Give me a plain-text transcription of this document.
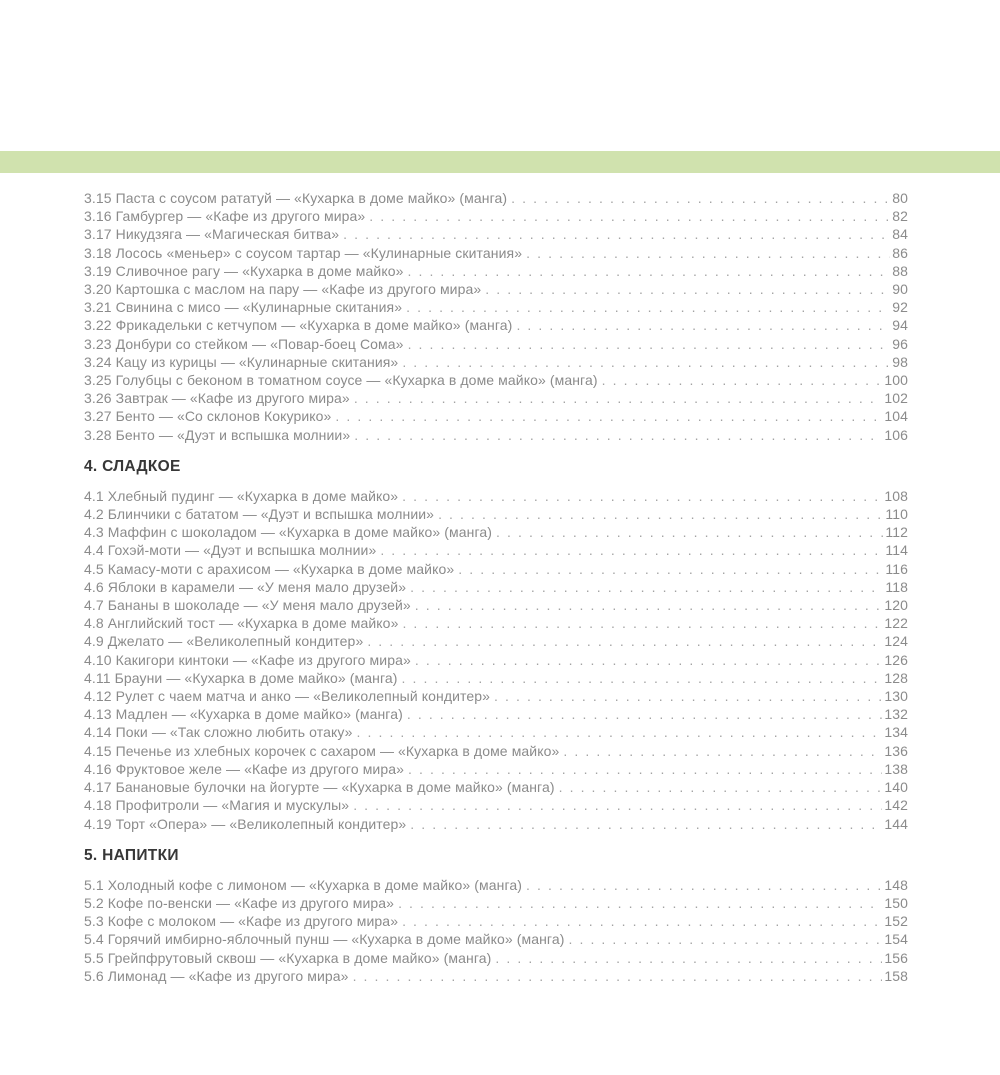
3.15 Паста с соусом рататуй — «Кухарка в доме майко» (манга) . . .	80
3.16 Гамбургер — «Кафе из другого мира» . . .	82
3.17 Никудзяга — «Магическая битва» . . .	84
3.18 Лосось «меньер» с соусом тартар — «Кулинарные скитания» . . .	86
3.19 Сливочное рагу — «Кухарка в доме майко» . . .	88
3.20 Картошка с маслом на пару — «Кафе из другого мира» . . .	90
3.21 Свинина с мисо — «Кулинарные скитания» . . .	92
3.22 Фрикадельки с кетчупом — «Кухарка в доме майко» (манга) . . .	94
3.23 Донбури со стейком — «Повар-боец Сома» . . .	96
3.24 Кацу из курицы — «Кулинарные скитания» . . .	98
3.25 Голубцы с беконом в томатном соусе — «Кухарка в доме майко» (манга) . . .	100
3.26 Завтрак — «Кафе из другого мира» . . .	102
3.27 Бенто — «Со склонов Кокурико» . . .	104
3.28 Бенто — «Дуэт и вспышка молнии» . . .	106
4. СЛАДКОЕ
4.1 Хлебный пудинг — «Кухарка в доме майко» . . .	108
4.2 Блинчики с бататом — «Дуэт и вспышка молнии» . . .	110
4.3 Маффин с шоколадом — «Кухарка в доме майко» (манга) . . .	112
4.4 Гохэй-моти — «Дуэт и вспышка молнии» . . .	114
4.5 Камасу-моти с арахисом — «Кухарка в доме майко» . . .	116
4.6 Яблоки в карамели — «У меня мало друзей» . . .	118
4.7 Бананы в шоколаде — «У меня мало друзей» . . .	120
4.8 Английский тост — «Кухарка в доме майко» . . .	122
4.9 Джелато — «Великолепный кондитер» . . .	124
4.10 Какигори кинтоки — «Кафе из другого мира» . . .	126
4.11 Брауни — «Кухарка в доме майко» (манга) . . .	128
4.12 Рулет с чаем матча и анко — «Великолепный кондитер» . . .	130
4.13 Мадлен — «Кухарка в доме майко» (манга) . . .	132
4.14 Поки — «Так сложно любить отаку» . . .	134
4.15 Печенье из хлебных корочек с сахаром — «Кухарка в доме майко» . . .	136
4.16 Фруктовое желе — «Кафе из другого мира» . . .	138
4.17 Банановые булочки на йогурте — «Кухарка в доме майко» (манга) . . .	140
4.18 Профитроли — «Магия и мускулы» . . .	142
4.19 Торт «Опера» — «Великолепный кондитер» . . .	144
5. НАПИТКИ
5.1 Холодный кофе с лимоном — «Кухарка в доме майко» (манга) . . .	148
5.2 Кофе по-венски — «Кафе из другого мира» . . .	150
5.3 Кофе с молоком — «Кафе из другого мира» . . .	152
5.4 Горячий имбирно-яблочный пунш — «Кухарка в доме майко» (манга) . . .	154
5.5 Грейпфрутовый сквош — «Кухарка в доме майко» (манга) . . .	156
5.6 Лимонад — «Кафе из другого мира» . . .	158
